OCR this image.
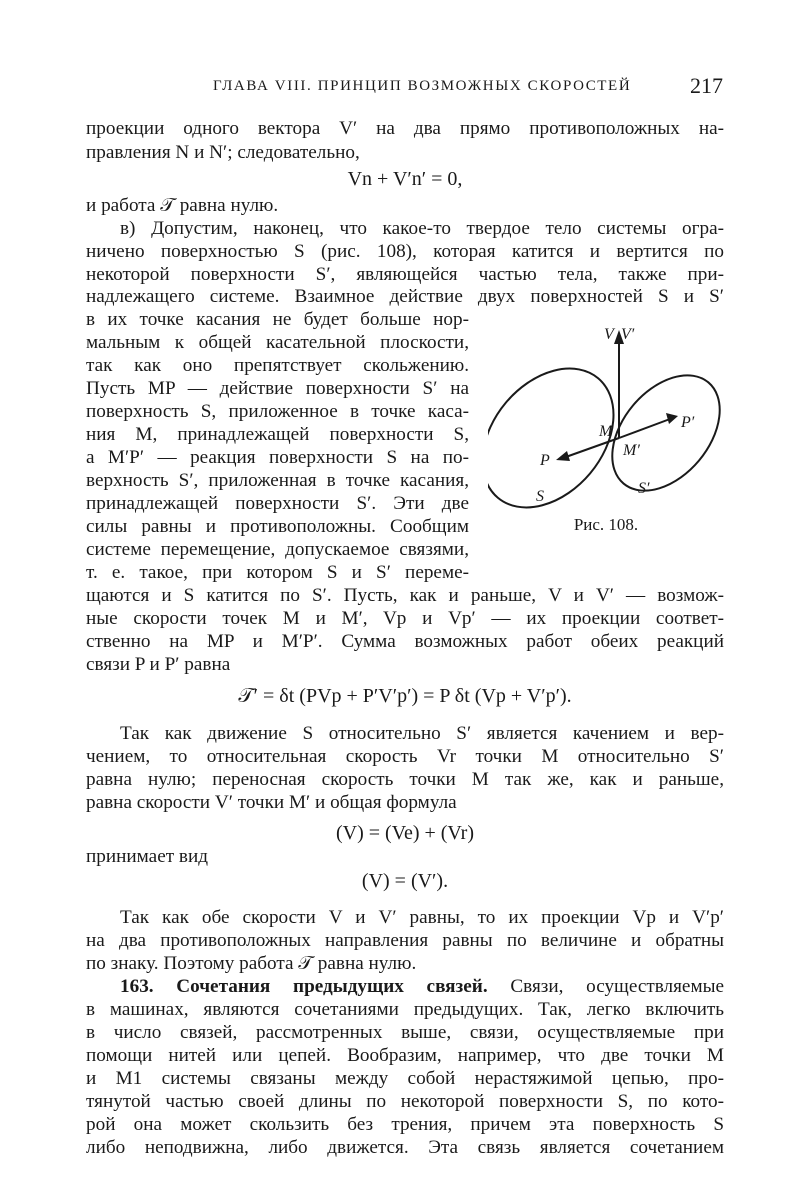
ГЛАВА VIII. ПРИНЦИП ВОЗМОЖНЫХ СКОРОСТЕЙ	217

проекции одного вектора V′ на два прямо противоположных на-

правления N и N′; следовательно,

Vn + V′n′ = 0,

и работа 𝒯 равна нулю.

в) Допустим, наконец, что какое-то твердое тело системы огра-

ничено поверхностью S (рис. 108), которая катится и вертится по

некоторой поверхности S′, являющейся частью тела, также при-

надлежащего системе. Взаимное действие двух поверхностей S и S′

в их точке касания не будет больше нор-

мальным к общей касательной плоскости,

так как оно препятствует скольжению.

Пусть MP — действие поверхности S′ на

поверхность S, приложенное в точке каса-

ния M, принадлежащей поверхности S,

а M′P′ — реакция поверхности S на по-

верхность S′, приложенная в точке касания,

принадлежащей поверхности S′. Эти две

силы равны и противоположны. Сообщим

системе перемещение, допускаемое связями,

т. е. такое, при котором S и S′ переме-

V V′
M
M′
P
P′
S	S′
Рис. 108.

щаются и S катится по S′. Пусть, как и раньше, V и V′ — возмож-

ные скорости точек M и M′, Vp и Vp′ — их проекции соответ-

ственно на MP и M′P′. Сумма возможных работ обеих реакций

связи P и P′ равна

𝒯′ = δt (PVp + P′V′p′) = P δt (Vp + V′p′).

Так как движение S относительно S′ является качением и вер-

чением, то относительная скорость Vr точки M относительно S′

равна нулю; переносная скорость точки M так же, как и раньше,

равна скорости V′ точки M′ и общая формула

(V) = (Ve) + (Vr)

принимает вид

(V) = (V′).

Так как обе скорости V и V′ равны, то их проекции Vp и V′p′

на два противоположных направления равны по величине и обратны

по знаку. Поэтому работа 𝒯 равна нулю.

163. Сочетания предыдущих связей. Связи, осуществляемые

в машинах, являются сочетаниями предыдущих. Так, легко включить

в число связей, рассмотренных выше, связи, осуществляемые при

помощи нитей или цепей. Вообразим, например, что две точки M

и M1 системы связаны между собой нерастяжимой цепью, про-

тянутой частью своей длины по некоторой поверхности S, по кото-

рой она может скользить без трения, причем эта поверхность S

либо неподвижна, либо движется. Эта связь является сочетанием
